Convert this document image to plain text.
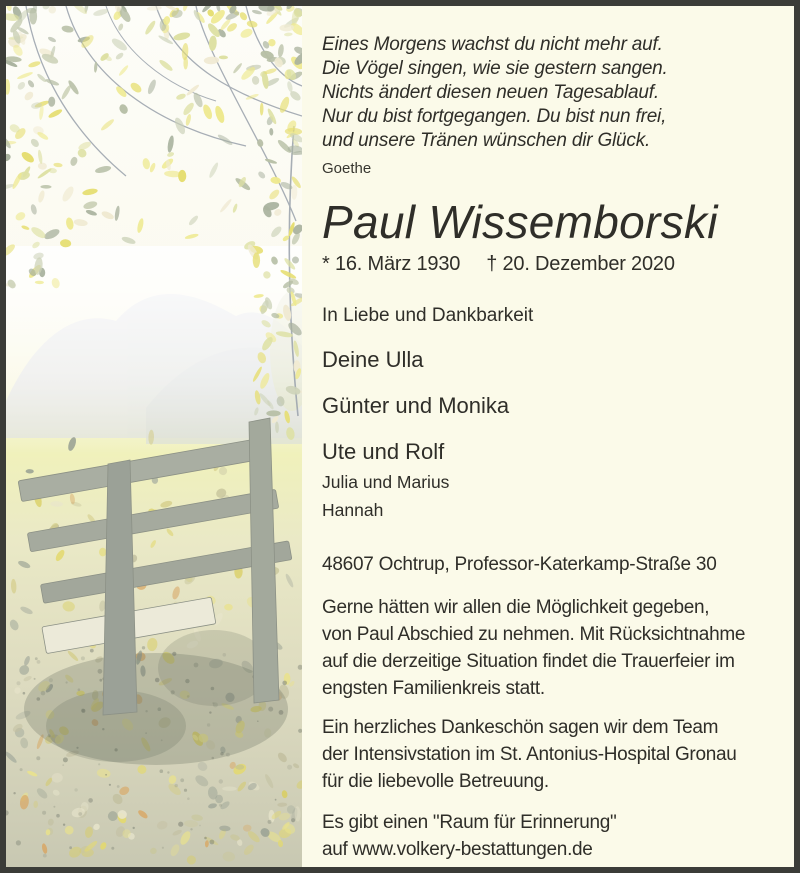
Eines Morgens wachst du nicht mehr auf.
Die Vögel singen, wie sie gestern sangen.
Nichts ändert diesen neuen Tagesablauf.
Nur du bist fortgegangen. Du bist nun frei,
und unsere Tränen wünschen dir Glück.
Goethe
Paul Wissemborski
* 16. März 1930 † 20. Dezember 2020
In Liebe und Dankbarkeit
Deine Ulla
Günter und Monika
Ute und Rolf
Julia und Marius
Hannah
48607 Ochtrup, Professor-Katerkamp-Straße 30
Gerne hätten wir allen die Möglichkeit gegeben,
von Paul Abschied zu nehmen. Mit Rücksichtnahme
auf die derzeitige Situation findet die Trauerfeier im
engsten Familienkreis statt.
Ein herzliches Dankeschön sagen wir dem Team
der Intensivstation im St. Antonius-Hospital Gronau
für die liebevolle Betreuung.
Es gibt einen "Raum für Erinnerung"
auf www.volkery-bestattungen.de
